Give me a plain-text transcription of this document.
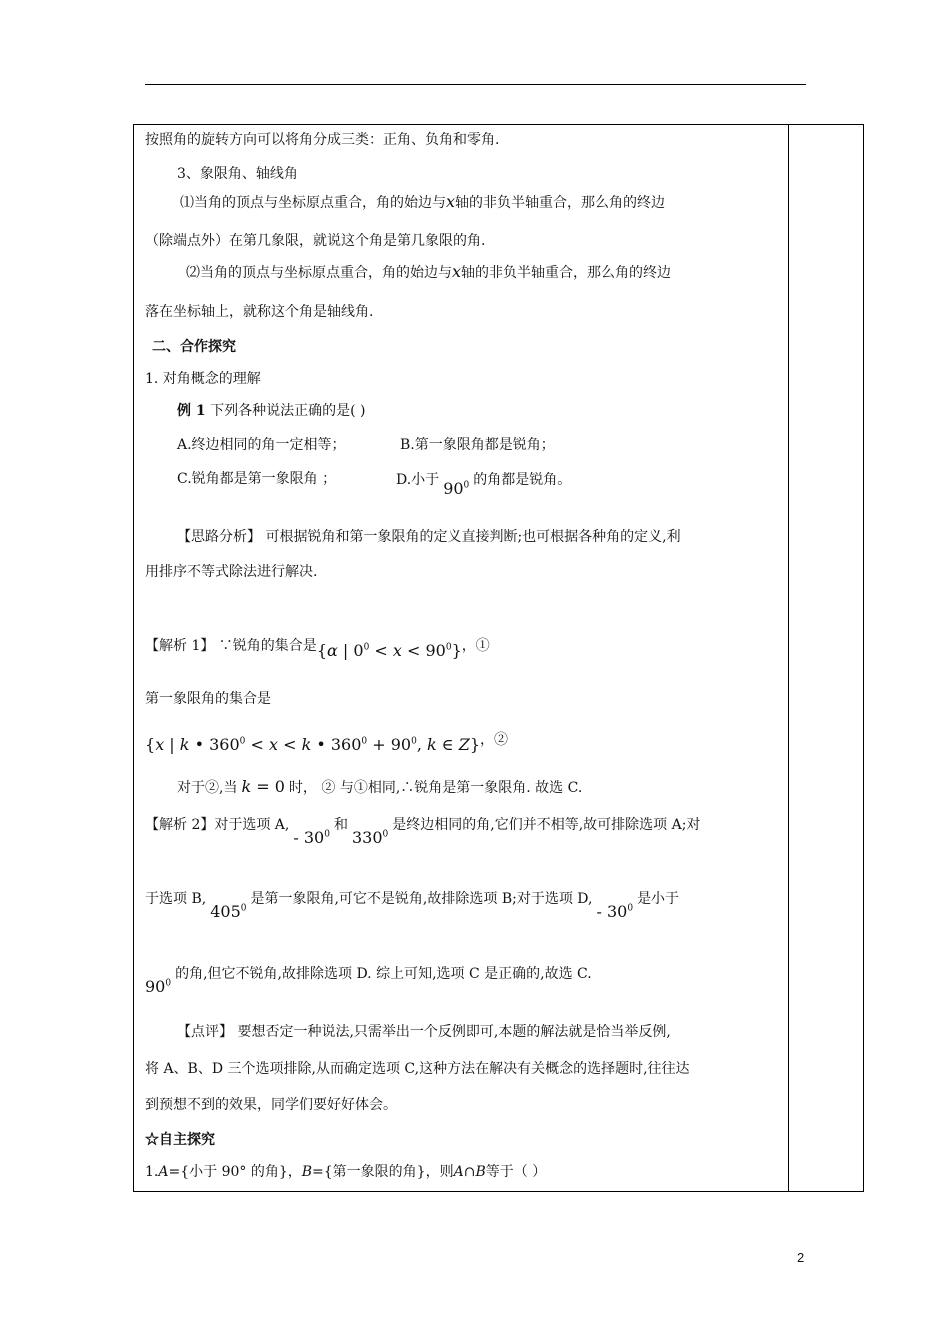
按照角的旋转方向可以将角分成三类：正角、负角和零角.
3、象限角、轴线角
⑴当角的顶点与坐标原点重合，角的始边与x轴的非负半轴重合，那么角的终边
（除端点外）在第几象限，就说这个角是第几象限的角.
⑵当角的顶点与坐标原点重合，角的始边与x轴的非负半轴重合，那么角的终边
落在坐标轴上，就称这个角是轴线角.
二、合作探究
1. 对角概念的理解
例 1 下列各种说法正确的是( )
A.终边相同的角一定相等；	B.第一象限角都是锐角；
C.锐角都是第一象限角 ；	D.小于 $90^0$ 的角都是锐角。
【思路分析】 可根据锐角和第一象限角的定义直接判断;也可根据各种角的定义,利
用排序不等式除法进行解决.
【解析 1】 ∵锐角的集合是{α | $0^0 < x < 90^0$}，①
第一象限角的集合是
{x | k • $360^0 < x < k$ • $360^0 + 90^0$, k ∈ Z}，②
对于②,当 k = 0 时， ② 与①相同,∴锐角是第一象限角. 故选 C.
【解析 2】对于选项 A,- $30^0$和$330^0$是终边相同的角,它们并不相等,故可排除选项 A;对
于选项 B,405$^0$是第一象限角,可它不是锐角,故排除选项 B;对于选项 D,- $30^0$是小于
$90^0$的角,但它不锐角,故排除选项 D. 综上可知,选项 C 是正确的,故选 C.
【点评】 要想否定一种说法,只需举出一个反例即可,本题的解法就是恰当举反例,
将 A、B、D 三个选项排除,从而确定选项 C,这种方法在解决有关概念的选择题时,往往达
到预想不到的效果，同学们要好好体会。
☆自主探究
1.A={小于 90° 的角}，B={第一象限的角}，则A∩B等于（ ）
2
